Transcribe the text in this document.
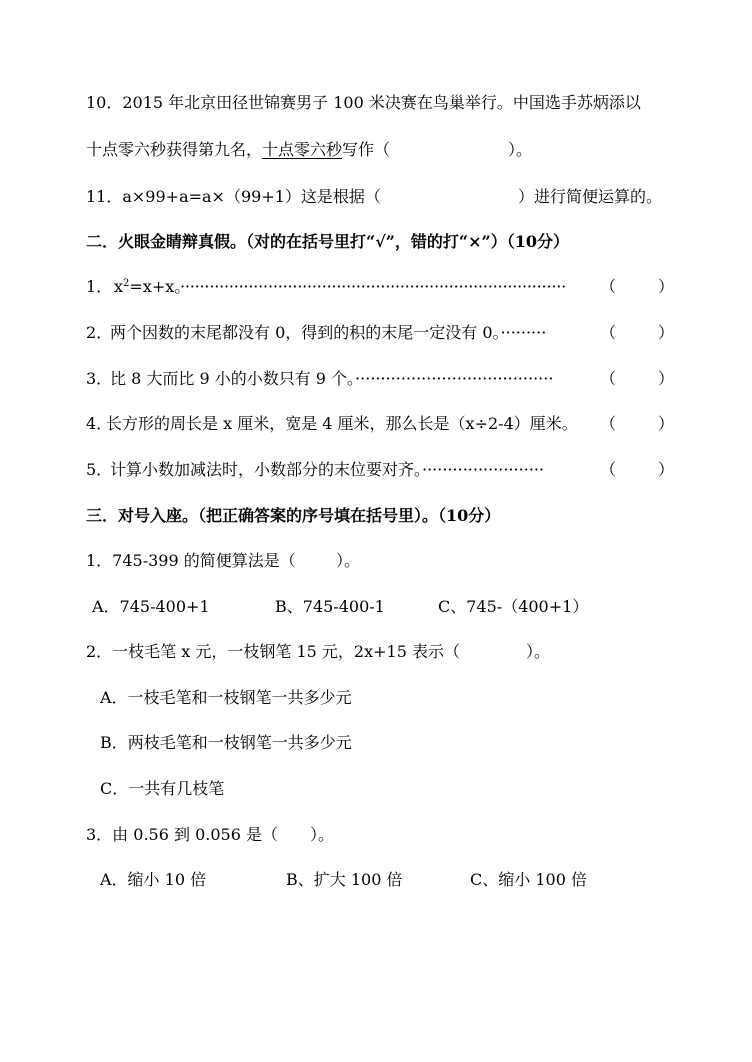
10．2015 年北京田径世锦赛男子 100 米决赛在鸟巢举行。中国选手苏炳添以
十点零六秒获得第九名，十点零六秒写作（	）。
11．a×99+a=a×（99+1）这是根据（	）进行简便运算的。
二．火眼金睛辩真假。（对的在括号里打“√”，错的打“×”）（10分）
1． $x^2=x+x$。
···············································································	（	）
2．
两个因数的末尾都没有 0，得到的积的末尾一定没有 0。·········	（	）
3．
比 8 大而比 9 小的小数只有 9 个。·······································	（	）
4．
长方形的周长是 x 厘米，宽是 4 厘米，那么长是（x÷2-4）厘米。 （	）
5．
计算小数加减法时，小数部分的末位要对齐。························	（	）
三．对号入座。（把正确答案的序号填在括号里）。（10分）
1．745-399 的简便算法是（	）。
A．745-400+1	B、745-400-1	C、745-（400+1）
2．一枝毛笔 x 元，一枝钢笔 15 元，2x+15 表示（	）。
A．一枝毛笔和一枝钢笔一共多少元
B．两枝毛笔和一枝钢笔一共多少元
C．一共有几枝笔
3．由 0.56 到 0.056 是（ ）。
A．缩小 10 倍	B、扩大 100 倍	C、缩小 100 倍
